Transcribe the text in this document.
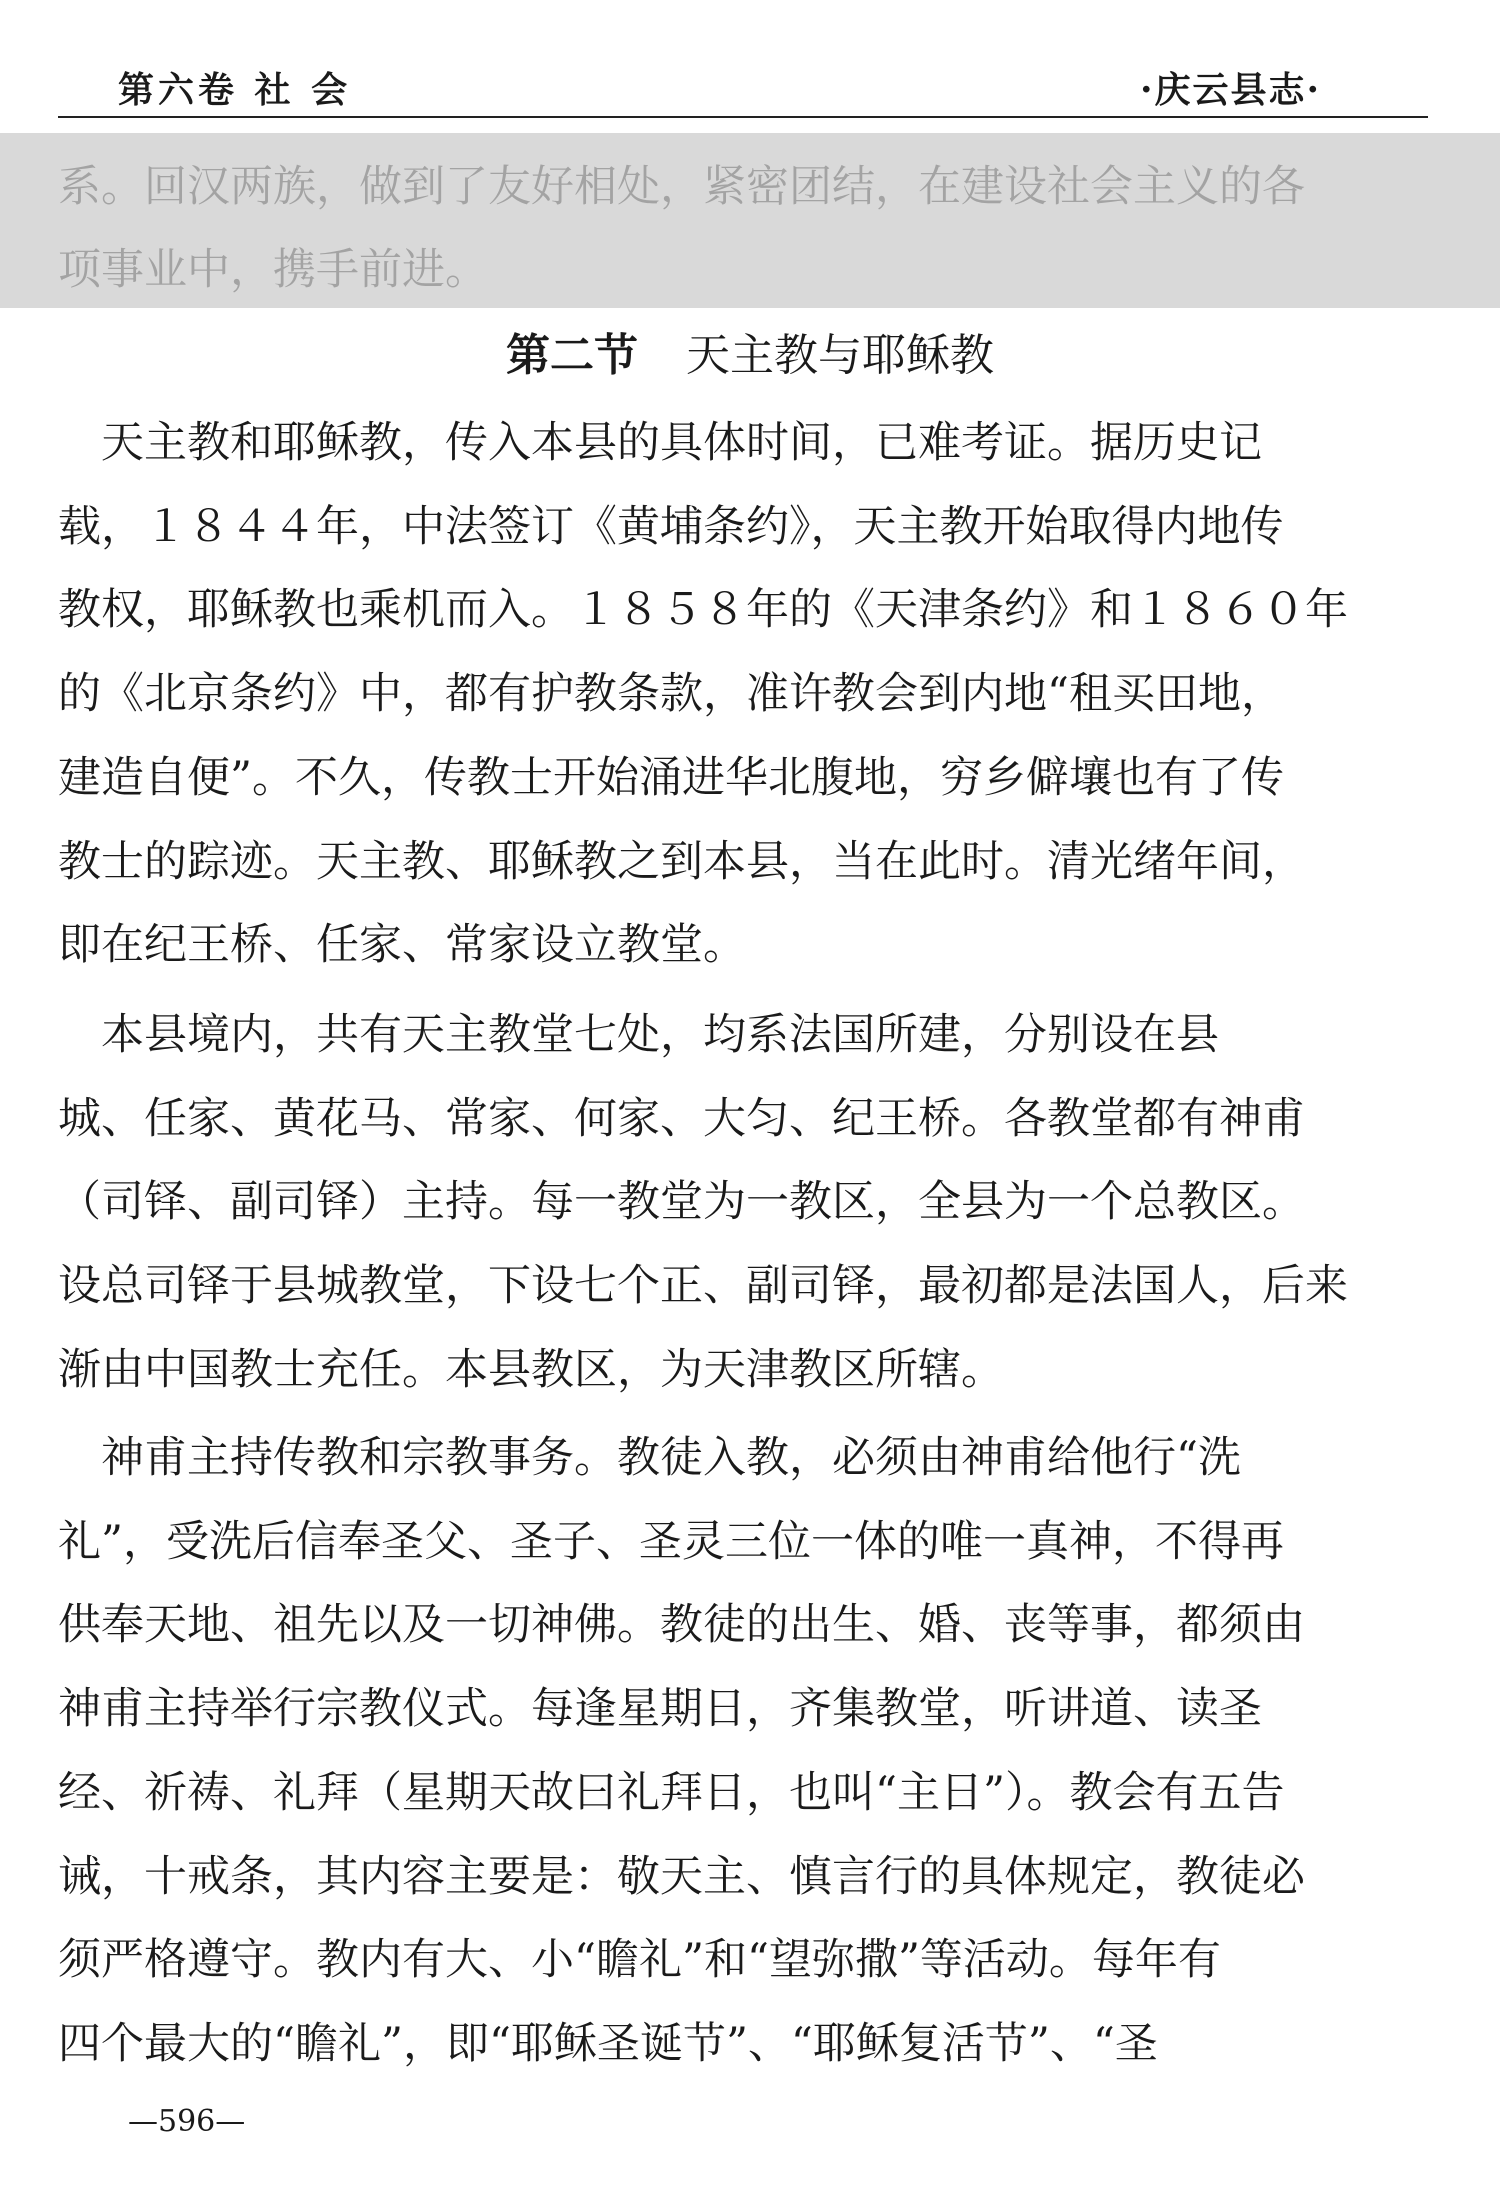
第六卷 社 会	·庆云县志·
系。回汉两族，做到了友好相处，紧密团结，在建设社会主义的各
项事业中，携手前进。
第二节 天主教与耶稣教
　天主教和耶稣教，传入本县的具体时间，已难考证。据历史记
载，１８４４年，中法签订《黄埔条约》，天主教开始取得内地传
教权，耶稣教也乘机而入。１８５８年的《天津条约》和１８６０年
的《北京条约》中，都有护教条款，准许教会到内地“租买田地，
建造自便”。不久，传教士开始涌进华北腹地，穷乡僻壤也有了传
教士的踪迹。天主教、耶稣教之到本县，当在此时。清光绪年间，
即在纪王桥、任家、常家设立教堂。
　本县境内，共有天主教堂七处，均系法国所建，分别设在县
城、任家、黄花马、常家、何家、大匀、纪王桥。各教堂都有神甫
（司铎、副司铎）主持。每一教堂为一教区，全县为一个总教区。
设总司铎于县城教堂，下设七个正、副司铎，最初都是法国人，后来
渐由中国教士充任。本县教区，为天津教区所辖。
　神甫主持传教和宗教事务。教徒入教，必须由神甫给他行“洗
礼”，受洗后信奉圣父、圣子、圣灵三位一体的唯一真神，不得再
供奉天地、祖先以及一切神佛。教徒的出生、婚、丧等事，都须由
神甫主持举行宗教仪式。每逢星期日，齐集教堂，听讲道、读圣
经、祈祷、礼拜（星期天故曰礼拜日，也叫“主日”）。教会有五告
诫，十戒条，其内容主要是：敬天主、慎言行的具体规定，教徒必
须严格遵守。教内有大、小“瞻礼”和“望弥撒”等活动。每年有
四个最大的“瞻礼”，即“耶稣圣诞节”、“耶稣复活节”、“圣
—596—
